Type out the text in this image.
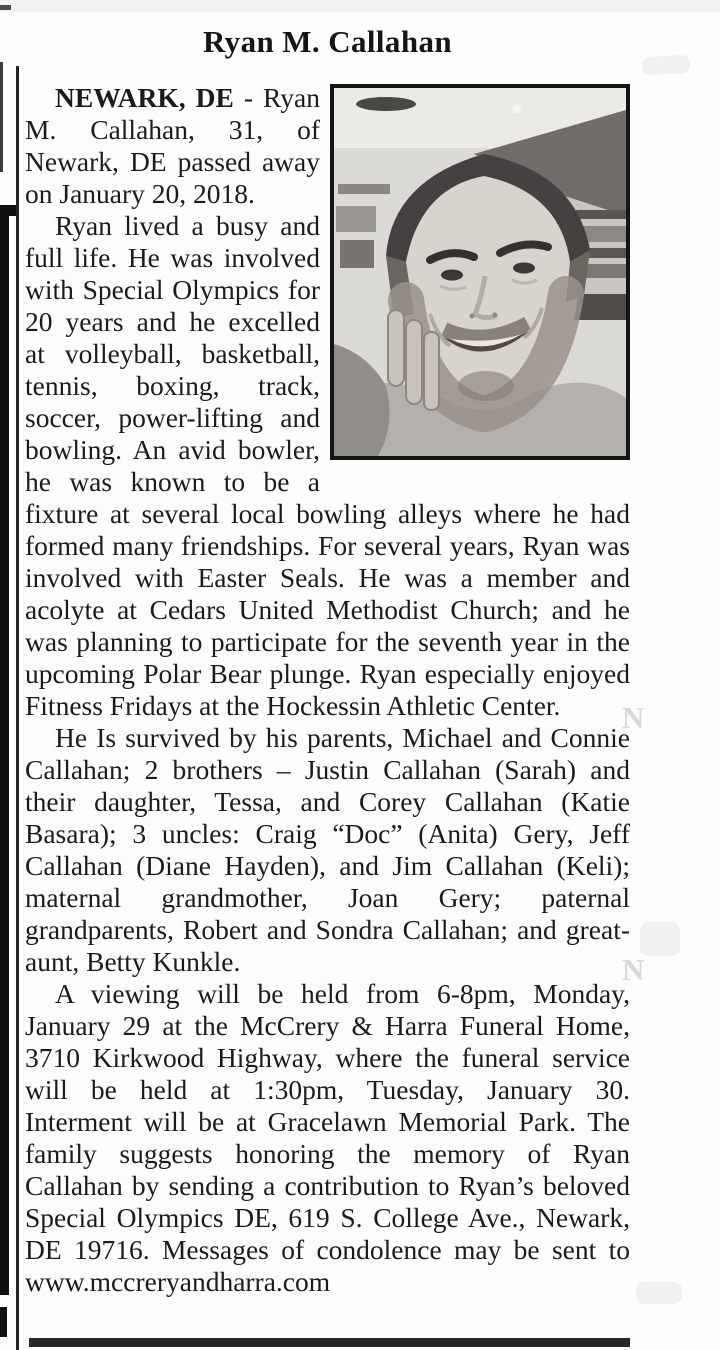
Ryan M. Callahan

NEWARK, DE - Ryan M. Callahan, 31, of Newark, DE passed away on January 20, 2018.

Ryan lived a busy and full life. He was involved with Special Olympics for 20 years and he excelled at volleyball, basketball, tennis, boxing, track, soccer, power-lifting and bowling. An avid bowler, he was known to be a fixture at several local bowling alleys where he had formed many friendships. For several years, Ryan was involved with Easter Seals. He was a member and acolyte at Cedars United Methodist Church; and he was planning to participate for the seventh year in the upcoming Polar Bear plunge. Ryan especially enjoyed Fitness Fridays at the Hockessin Athletic Center.

He Is survived by his parents, Michael and Connie Callahan; 2 brothers – Justin Callahan (Sarah) and their daughter, Tessa, and Corey Callahan (Katie Basara); 3 uncles: Craig “Doc” (Anita) Gery, Jeff Callahan (Diane Hayden), and Jim Callahan (Keli); maternal grandmother, Joan Gery; paternal grandparents, Robert and Sondra Callahan; and great-aunt, Betty Kunkle.

A viewing will be held from 6-8pm, Monday, January 29 at the McCrery & Harra Funeral Home, 3710 Kirkwood Highway, where the funeral service will be held at 1:30pm, Tuesday, January 30. Interment will be at Gracelawn Memorial Park. The family suggests honoring the memory of Ryan Callahan by sending a contribution to Ryan’s beloved Special Olympics DE, 619 S. College Ave., Newark, DE 19716. Messages of condolence may be sent to www.mccreryandharra.com

N
N
